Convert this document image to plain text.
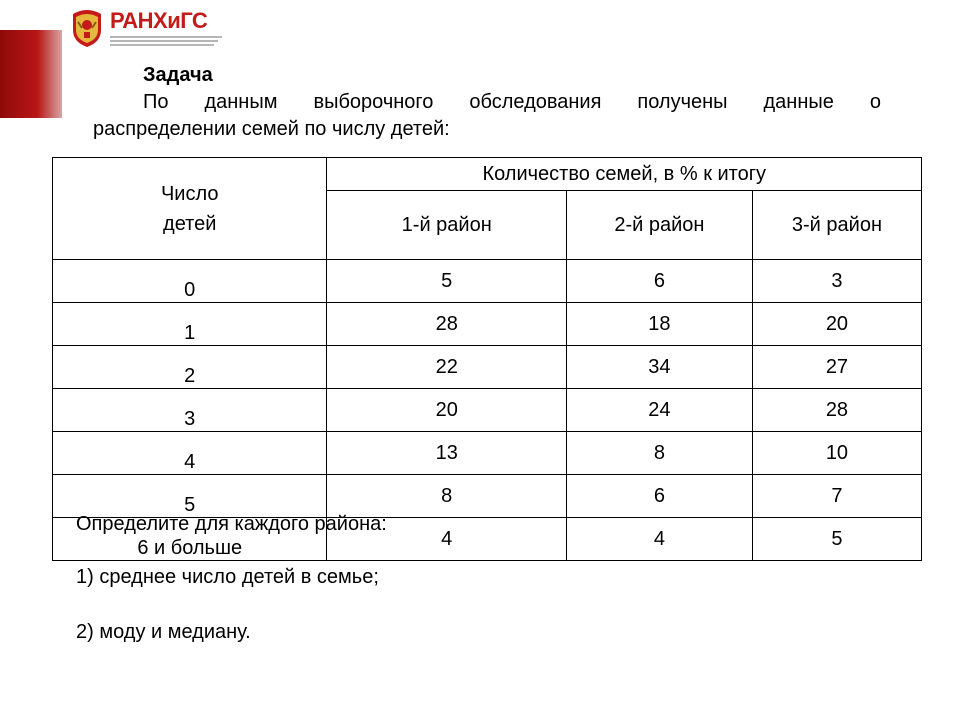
РАНХиГС
Задача
По данным выборочного обследования получены данные о
распределении семей по числу детей:
Число детей	Количество семей, в % к итогу		
	1-й район	2-й район	3-й район
0	5	6	3
1	28	18	20
2	22	34	27
3	20	24	28
4	13	8	10
5	8	6	7
6 и больше	4	4	5
Определите для каждого района:
1) среднее число детей в семье;
2) моду и медиану.
